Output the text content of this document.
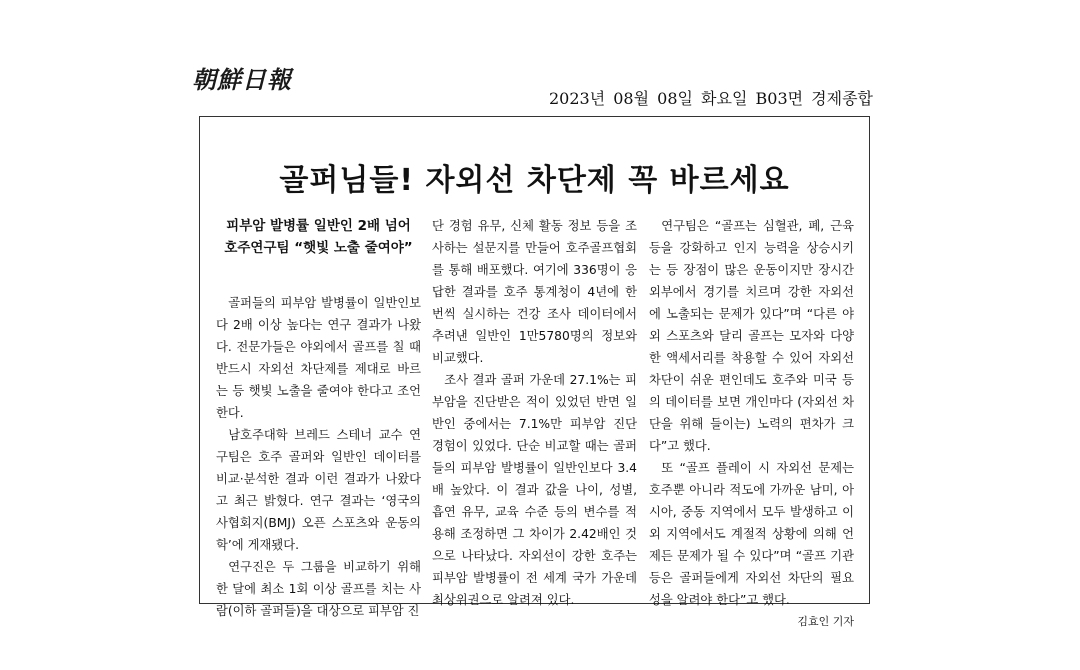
朝鮮日報
2023년 08월 08일 화요일 B03면 경제종합
골퍼님들! 자외선 차단제 꼭 바르세요
피부암 발병률 일반인 2배 넘어
호주연구팀 “햇빛 노출 줄여야”

골퍼들의 피부암 발병률이 일반인보다 2배 이상 높다는 연구 결과가 나왔다. 전문가들은 야외에서 골프를 칠 때 반드시 자외선 차단제를 제대로 바르는 등 햇빛 노출을 줄여야 한다고 조언한다.

남호주대학 브레드 스테너 교수 연구팀은 호주 골퍼와 일반인 데이터를 비교·분석한 결과 이런 결과가 나왔다고 최근 밝혔다. 연구 결과는 ‘영국의사협회지(BMJ) 오픈 스포츠와 운동의학’에 게재됐다.

연구진은 두 그룹을 비교하기 위해 한 달에 최소 1회 이상 골프를 치는 사람(이하 골퍼들)을 대상으로 피부암 진

단 경험 유무, 신체 활동 정보 등을 조사하는 설문지를 만들어 호주골프협회를 통해 배포했다. 여기에 336명이 응답한 결과를 호주 통계청이 4년에 한 번씩 실시하는 건강 조사 데이터에서 추려낸 일반인 1만5780명의 정보와 비교했다.

조사 결과 골퍼 가운데 27.1%는 피부암을 진단받은 적이 있었던 반면 일반인 중에서는 7.1%만 피부암 진단 경험이 있었다. 단순 비교할 때는 골퍼들의 피부암 발병률이 일반인보다 3.4배 높았다. 이 결과 값을 나이, 성별, 흡연 유무, 교육 수준 등의 변수를 적용해 조정하면 그 차이가 2.42배인 것으로 나타났다. 자외선이 강한 호주는 피부암 발병률이 전 세계 국가 가운데 최상위권으로 알려져 있다.

연구팀은 “골프는 심혈관, 폐, 근육 등을 강화하고 인지 능력을 상승시키는 등 장점이 많은 운동이지만 장시간 외부에서 경기를 치르며 강한 자외선에 노출되는 문제가 있다”며 “다른 야외 스포츠와 달리 골프는 모자와 다양한 액세서리를 착용할 수 있어 자외선 차단이 쉬운 편인데도 호주와 미국 등의 데이터를 보면 개인마다 (자외선 차단을 위해 들이는) 노력의 편차가 크다”고 했다.

또 “골프 플레이 시 자외선 문제는 호주뿐 아니라 적도에 가까운 남미, 아시아, 중동 지역에서 모두 발생하고 이외 지역에서도 계절적 상황에 의해 언제든 문제가 될 수 있다”며 “골프 기관 등은 골퍼들에게 자외선 차단의 필요성을 알려야 한다”고 했다.
김효인 기자
